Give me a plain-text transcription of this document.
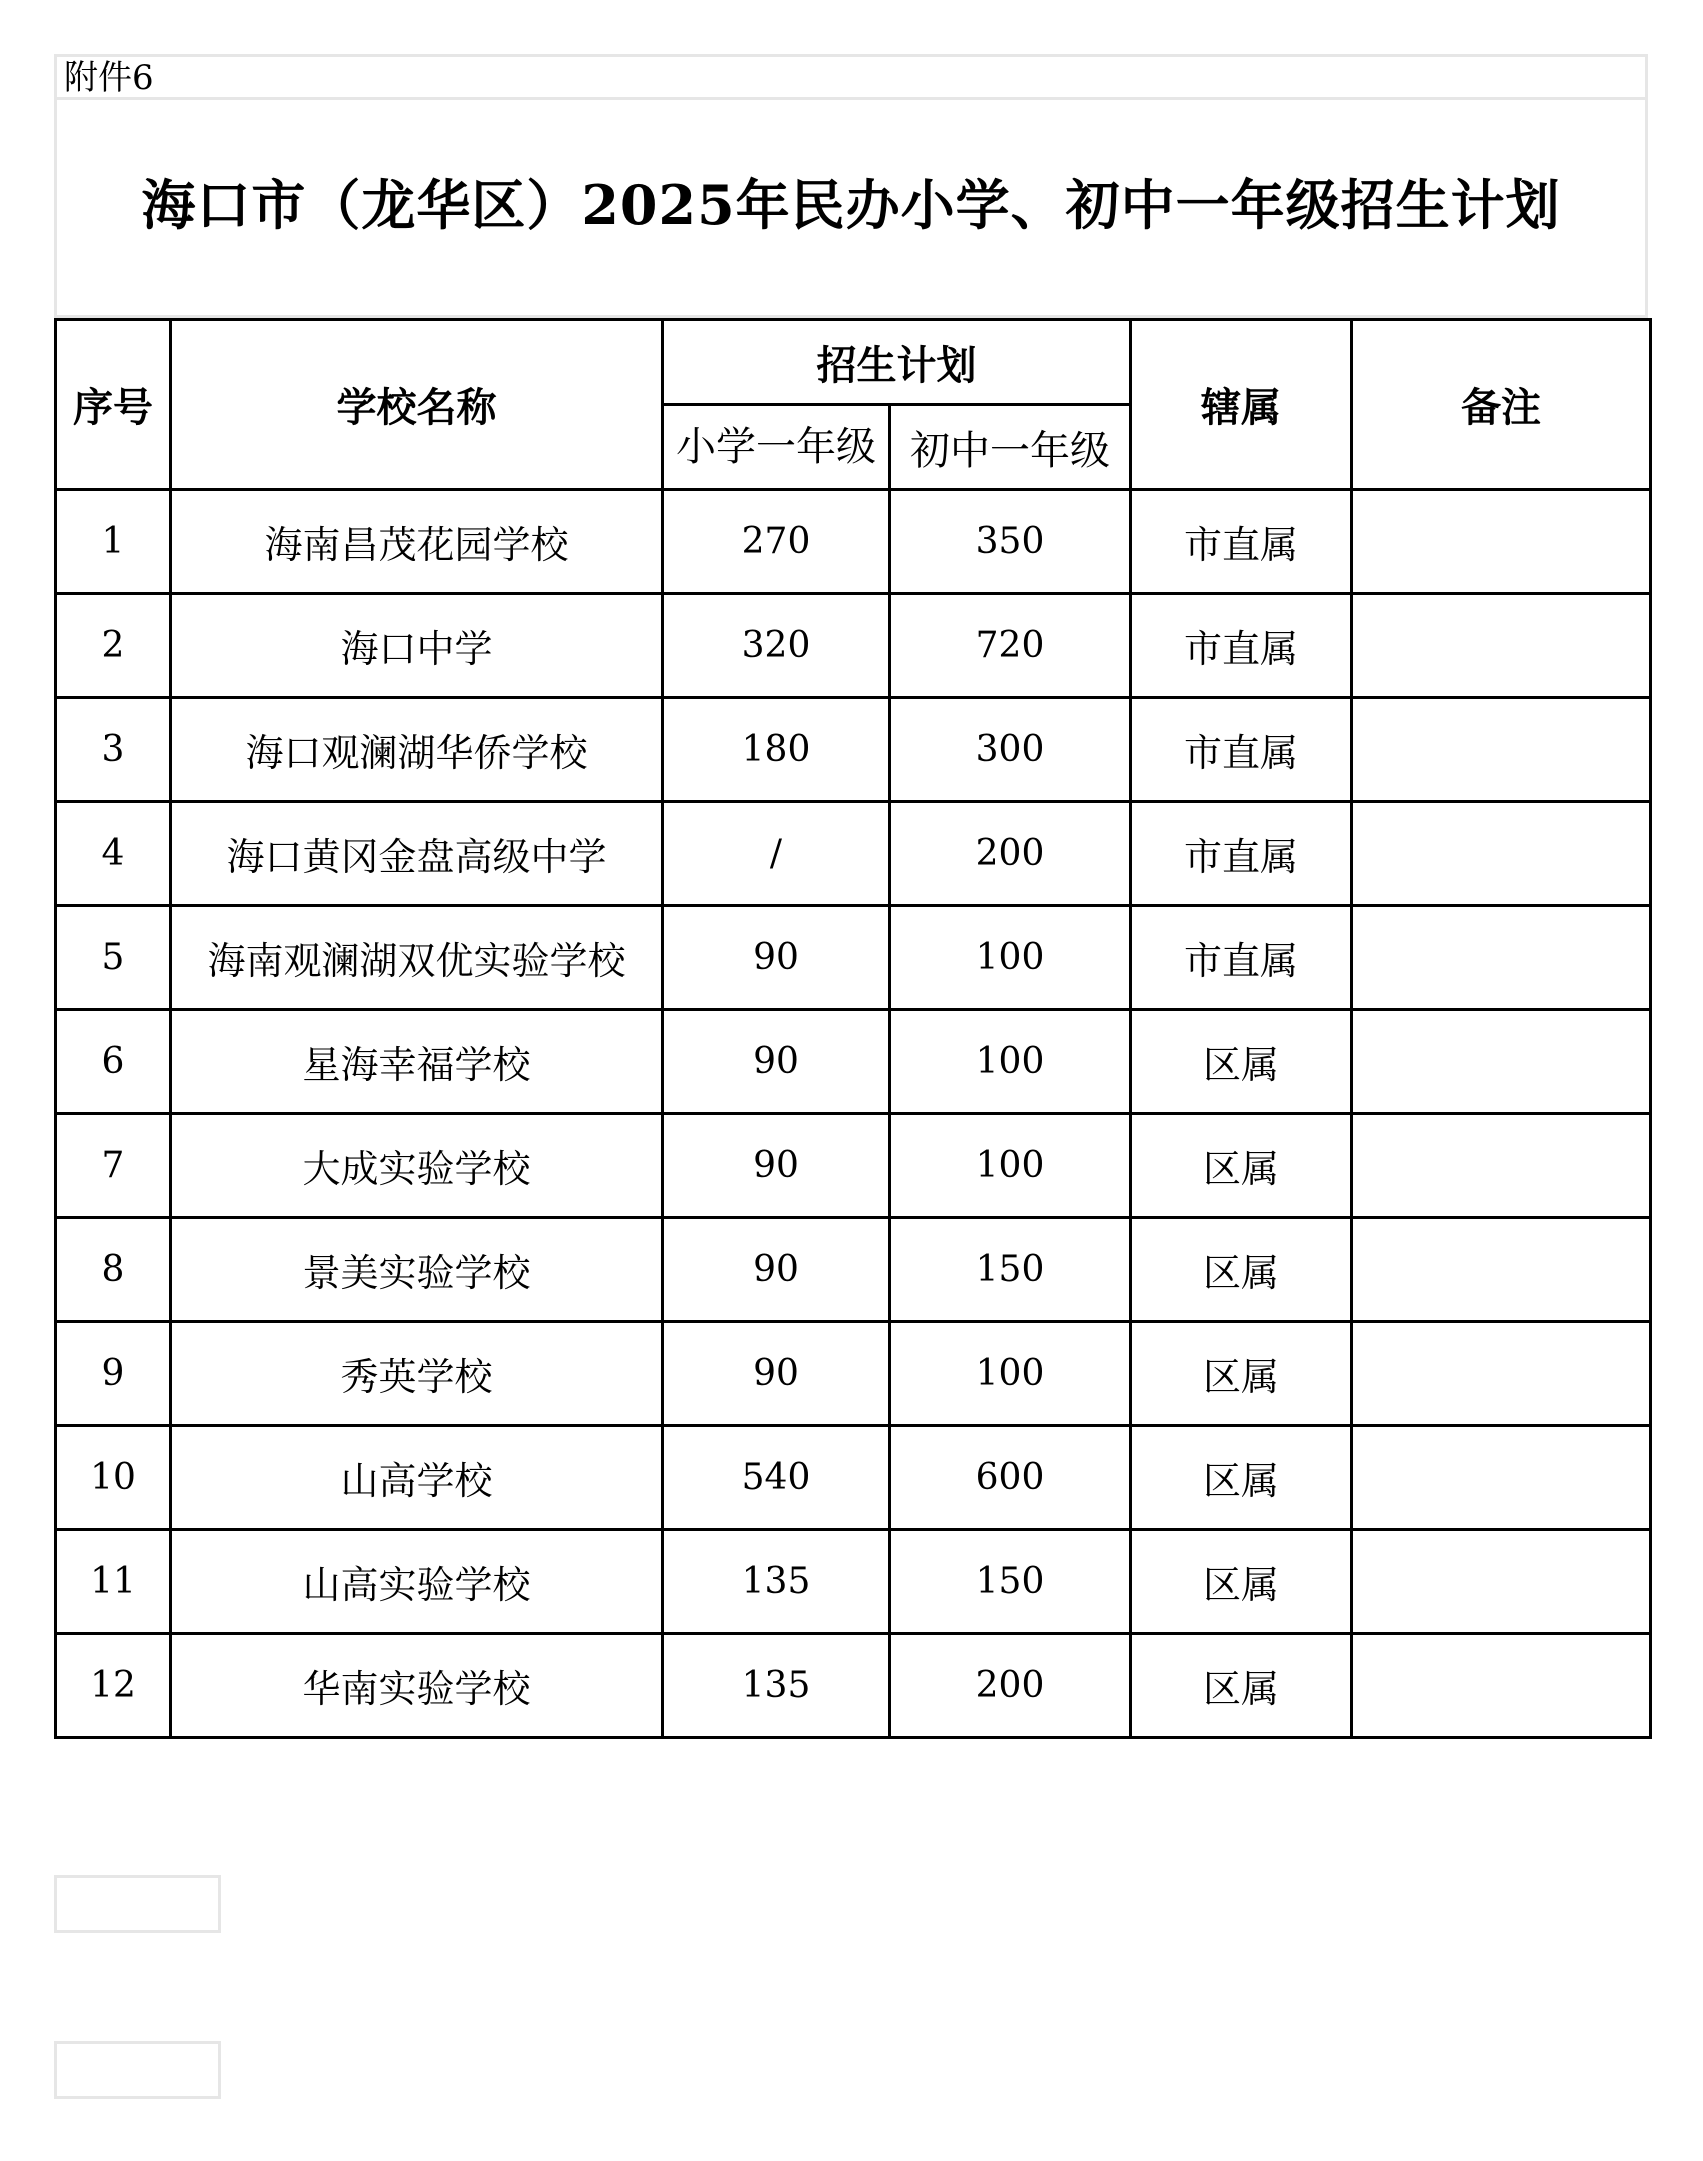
附件6
海口市（龙华区）2025年民办小学、初中一年级招生计划
序号	学校名称	招生计划		辖属	备注
		小学一年级	初中一年级		
1	海南昌茂花园学校	270	350	市直属	
2	海口中学	320	720	市直属	
3	海口观澜湖华侨学校	180	300	市直属	
4	海口黄冈金盘高级中学	/	200	市直属	
5	海南观澜湖双优实验学校	90	100	市直属	
6	星海幸福学校	90	100	区属	
7	大成实验学校	90	100	区属	
8	景美实验学校	90	150	区属	
9	秀英学校	90	100	区属	
10	山高学校	540	600	区属	
11	山高实验学校	135	150	区属	
12	华南实验学校	135	200	区属	
